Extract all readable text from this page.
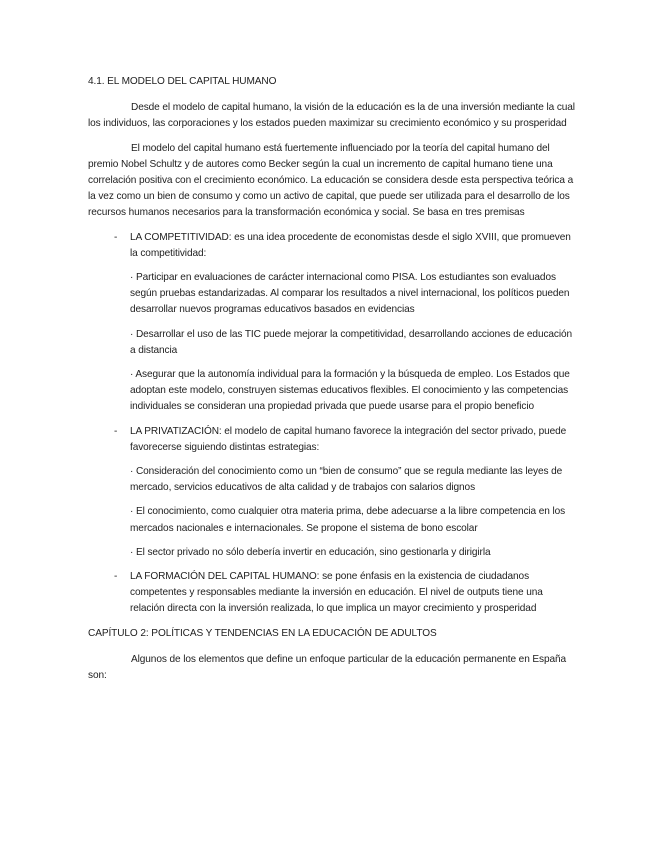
4.1. EL MODELO DEL CAPITAL HUMANO

Desde el modelo de capital humano, la visión de la educación es la de una inversión mediante la cual los individuos, las corporaciones y los estados pueden maximizar su crecimiento económico y su prosperidad

El modelo del capital humano está fuertemente influenciado por la teoría del capital humano del premio Nobel Schultz y de autores como Becker según la cual un incremento de capital humano tiene una correlación positiva con el crecimiento económico. La educación se considera desde esta perspectiva teórica a la vez como un bien de consumo y como un activo de capital, que puede ser utilizada para el desarrollo de los recursos humanos necesarios para la transformación económica y social. Se basa en tres premisas

- LA COMPETITIVIDAD: es una idea procedente de economistas desde el siglo XVIII, que promueven la competitividad:

· Participar en evaluaciones de carácter internacional como PISA. Los estudiantes son evaluados según pruebas estandarizadas. Al comparar los resultados a nivel internacional, los políticos pueden desarrollar nuevos programas educativos basados en evidencias

· Desarrollar el uso de las TIC puede mejorar la competitividad, desarrollando acciones de educación a distancia

· Asegurar que la autonomía individual para la formación y la búsqueda de empleo. Los Estados que adoptan este modelo, construyen sistemas educativos flexibles. El conocimiento y las competencias individuales se consideran una propiedad privada que puede usarse para el propio beneficio

- LA PRIVATIZACIÓN: el modelo de capital humano favorece la integración del sector privado, puede favorecerse siguiendo distintas estrategias:

· Consideración del conocimiento como un “bien de consumo” que se regula mediante las leyes de mercado, servicios educativos de alta calidad y de trabajos con salarios dignos

· El conocimiento, como cualquier otra materia prima, debe adecuarse a la libre competencia en los mercados nacionales e internacionales. Se propone el sistema de bono escolar

· El sector privado no sólo debería invertir en educación, sino gestionarla y dirigirla

- LA FORMACIÓN DEL CAPITAL HUMANO: se pone énfasis en la existencia de ciudadanos competentes y responsables mediante la inversión en educación. El nivel de outputs tiene una relación directa con la inversión realizada, lo que implica un mayor crecimiento y prosperidad

CAPÍTULO 2: POLÍTICAS Y TENDENCIAS EN LA EDUCACIÓN DE ADULTOS

Algunos de los elementos que define un enfoque particular de la educación permanente en España son:
